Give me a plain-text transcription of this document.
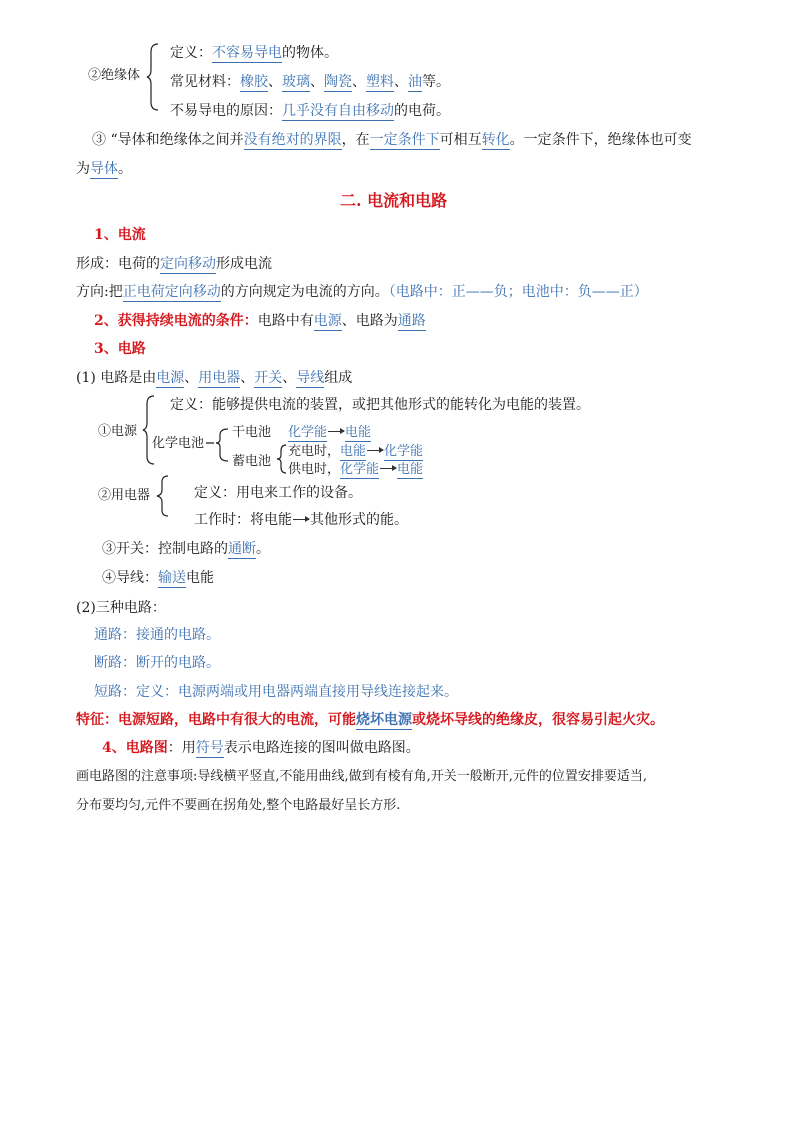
②绝缘体
定义：不容易导电的物体。
常见材料：橡胶、玻璃、陶瓷、塑料、油等。
不易导电的原因：几乎没有自由移动的电荷。
③ “导体和绝缘体之间并没有绝对的界限，在一定条件下可相互转化。一定条件下，绝缘体也可变
为导体。
二. 电流和电路
1、电流
形成：电荷的定向移动形成电流
方向:把正电荷定向移动的方向规定为电流的方向。（电路中：正——负；电池中：负——正）
2、获得持续电流的条件：电路中有电源、电路为通路
3、电路
(1) 电路是由电源、用电器、开关、导线组成
①电源
定义：能够提供电流的装置，或把其他形式的能转化为电能的装置。
化学电池
干电池 化学能 电能
蓄电池
充电时，电能 化学能
供电时，化学能 电能
②用电器	定义：用电来工作的设备。
工作时：将电能 其他形式的能。
③开关：控制电路的通断。
④导线：输送电能
(2)三种电路：
通路：接通的电路。
断路：断开的电路。
短路：定义：电源两端或用电器两端直接用导线连接起来。
特征：电源短路，电路中有很大的电流，可能烧坏电源或烧坏导线的绝缘皮，很容易引起火灾。
4、电路图：用符号表示电路连接的图叫做电路图。
画电路图的注意事项:导线横平竖直,不能用曲线,做到有棱有角,开关一般断开,元件的位置安排要适当,
分布要均匀,元件不要画在拐角处,整个电路最好呈长方形.
